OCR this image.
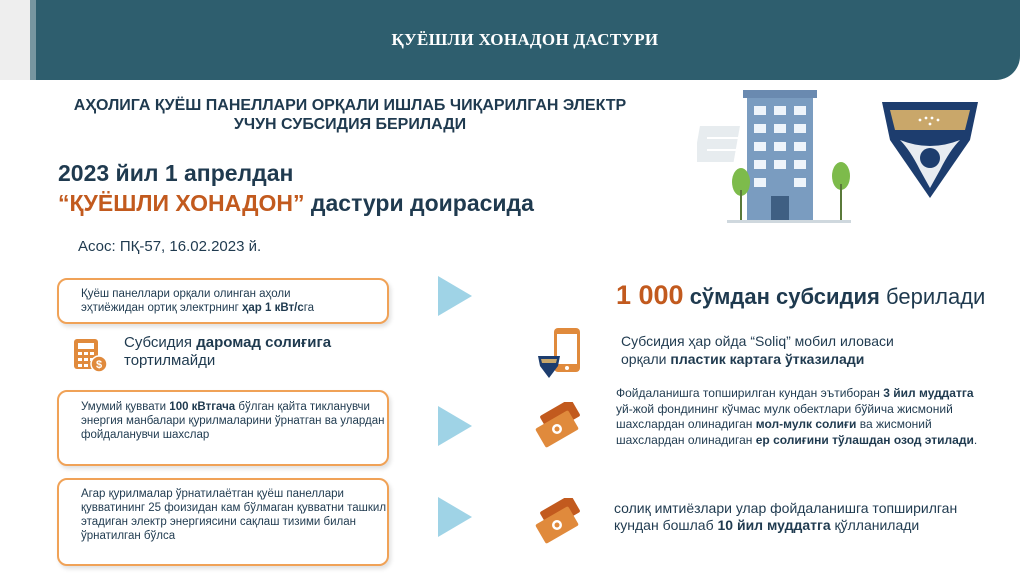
ҚУЁШЛИ ХОНАДОН ДАСТУРИ
АҲОЛИГА ҚУЁШ ПАНЕЛЛАРИ ОРҚАЛИ ИШЛАБ ЧИҚАРИЛГАН ЭЛЕКТР
УЧУН СУБСИДИЯ БЕРИЛАДИ
2023 йил 1 апрелдан
“ҚУЁШЛИ ХОНАДОН” дастури доирасида
Асос: ПҚ-57, 16.02.2023 й.
Қуёш панеллари орқали олинган аҳоли
эҳтиёжидан ортиқ электрнинг ҳар 1 кВт/сга
$
Субсидия даромад солиғига
тортилмайди
Умумий қуввати 100 кВтгача бўлган қайта тикланувчи энергия манбалари қурилмаларини ўрнатган ва улардан фойдаланувчи шахслар
Агар қурилмалар ўрнатилаётган қуёш панеллари қувватининг 25 фоизидан кам бўлмаган қувватни ташкил этадиган электр энергиясини сақлаш тизими билан ўрнатилган бўлса
1 000 сўмдан субсидия берилади
Субсидия ҳар ойда “Soliq” мобил иловаси
орқали пластик картага ўтказилади
Фойдаланишга топширилган кундан эътиборан 3 йил муддатга уй-жой фондининг кўчмас мулк обектлари бўйича жисмоний шахслардан олинадиган мол-мулк солиғи ва жисмоний шахслардан олинадиган ер солиғини тўлашдан озод этилади.
солиқ имтиёзлари улар фойдаланишга топширилган кундан бошлаб 10 йил муддатга қўлланилади
